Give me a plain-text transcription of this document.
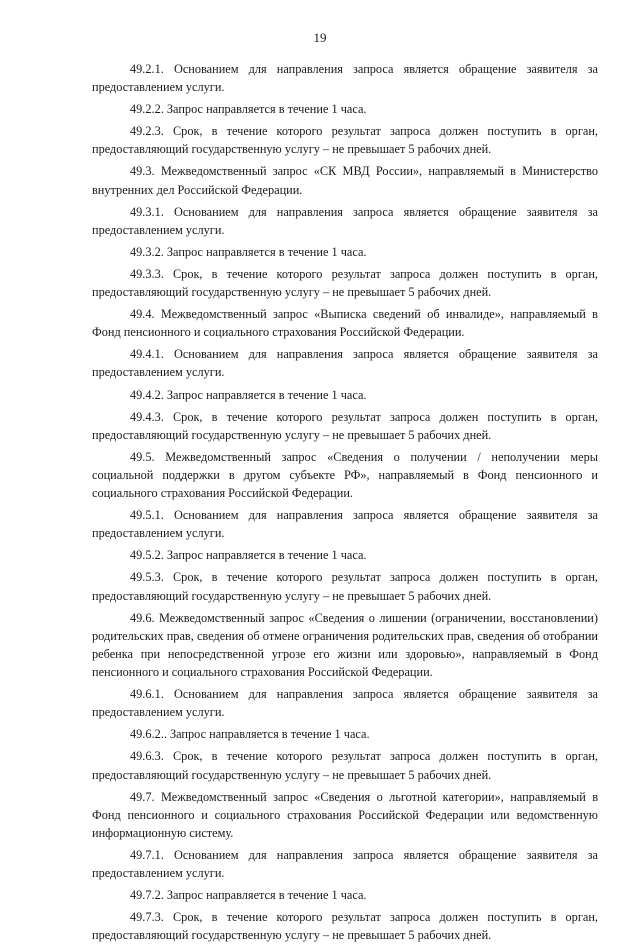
19

49.2.1. Основанием для направления запроса является обращение заявителя за предоставлением услуги.

49.2.2. Запрос направляется в течение 1 часа.

49.2.3. Срок, в течение которого результат запроса должен поступить в орган, предоставляющий государственную услугу – не превышает 5 рабочих дней.

49.3. Межведомственный запрос «СК МВД России», направляемый в Министерство внутренних дел Российской Федерации.

49.3.1. Основанием для направления запроса является обращение заявителя за предоставлением услуги.

49.3.2. Запрос направляется в течение 1 часа.

49.3.3. Срок, в течение которого результат запроса должен поступить в орган, предоставляющий государственную услугу – не превышает 5 рабочих дней.

49.4. Межведомственный запрос «Выписка сведений об инвалиде», направляемый в Фонд пенсионного и социального страхования Российской Федерации.

49.4.1. Основанием для направления запроса является обращение заявителя за предоставлением услуги.

49.4.2. Запрос направляется в течение 1 часа.

49.4.3. Срок, в течение которого результат запроса должен поступить в орган, предоставляющий государственную услугу – не превышает 5 рабочих дней.

49.5. Межведомственный запрос «Сведения о получении / неполучении меры социальной поддержки в другом субъекте РФ», направляемый в Фонд пенсионного и социального страхования Российской Федерации.

49.5.1. Основанием для направления запроса является обращение заявителя за предоставлением услуги.

49.5.2. Запрос направляется в течение 1 часа.

49.5.3. Срок, в течение которого результат запроса должен поступить в орган, предоставляющий государственную услугу – не превышает 5 рабочих дней.

49.6. Межведомственный запрос «Сведения о лишении (ограничении, восстановлении) родительских прав, сведения об отмене ограничения родительских прав, сведения об отобрании ребенка при непосредственной угрозе его жизни или здоровью», направляемый в Фонд пенсионного и социального страхования Российской Федерации.

49.6.1. Основанием для направления запроса является обращение заявителя за предоставлением услуги.

49.6.2.. Запрос направляется в течение 1 часа.

49.6.3. Срок, в течение которого результат запроса должен поступить в орган, предоставляющий государственную услугу – не превышает 5 рабочих дней.

49.7. Межведомственный запрос «Сведения о льготной категории», направляемый в Фонд пенсионного и социального страхования Российской Федерации или ведомственную информационную систему.

49.7.1. Основанием для направления запроса является обращение заявителя за предоставлением услуги.

49.7.2. Запрос направляется в течение 1 часа.

49.7.3. Срок, в течение которого результат запроса должен поступить в орган, предоставляющий государственную услугу – не превышает 5 рабочих дней.
